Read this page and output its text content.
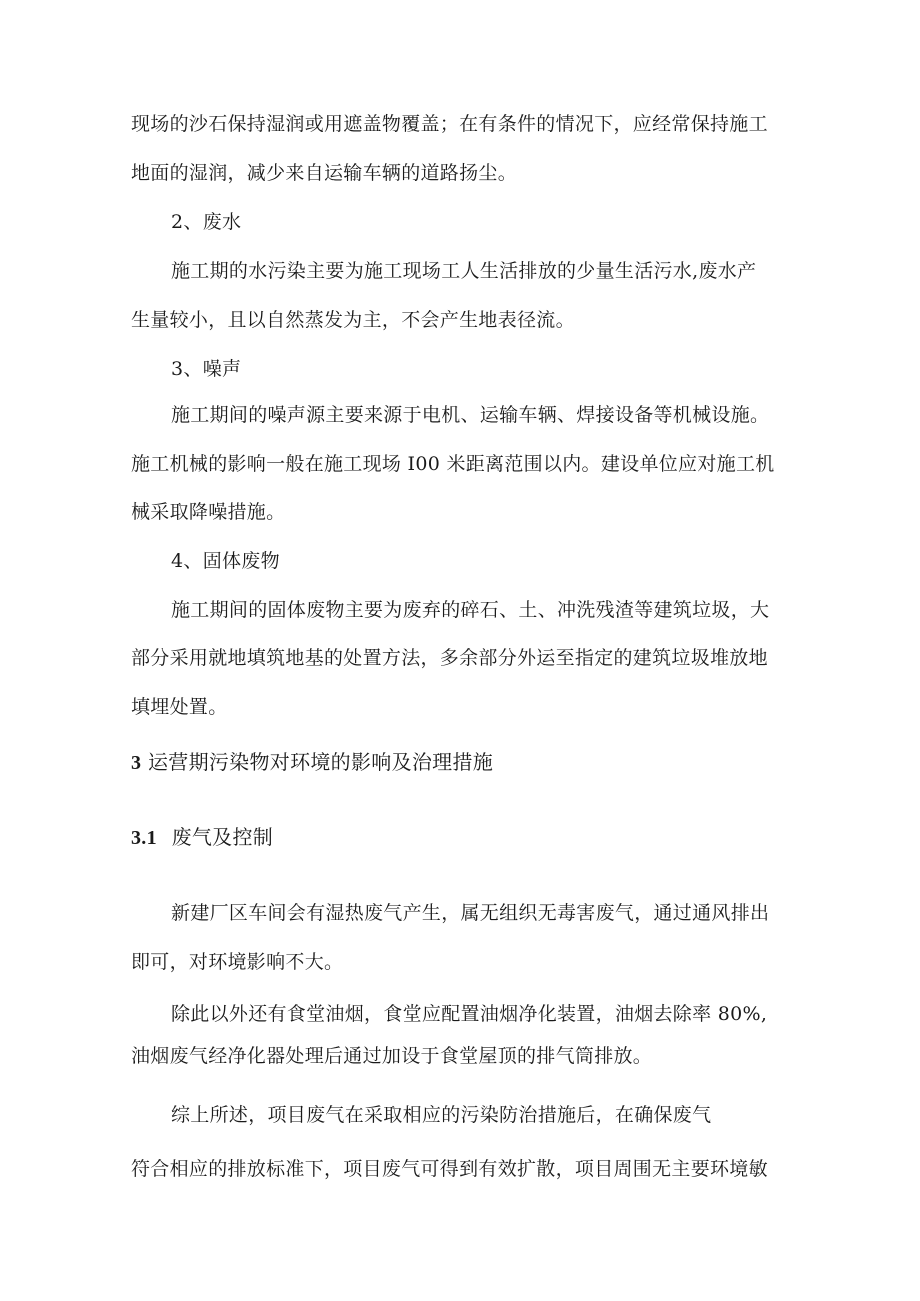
现场的沙石保持湿润或用遮盖物覆盖；在有条件的情况下，应经常保持施工
地面的湿润，减少来自运输车辆的道路扬尘。
2、废水
施工期的水污染主要为施工现场工人生活排放的少量生活污水,废水产
生量较小，且以自然蒸发为主，不会产生地表径流。
3、噪声
施工期间的噪声源主要来源于电机、运输车辆、焊接设备等机械设施。
施工机械的影响一般在施工现场 I00 米距离范围以内。建设单位应对施工机
械采取降噪措施。
4、固体废物
施工期间的固体废物主要为废弃的碎石、土、冲洗残渣等建筑垃圾，大
部分采用就地填筑地基的处置方法，多余部分外运至指定的建筑垃圾堆放地
填埋处置。
3 运营期污染物对环境的影响及治理措施
3.1 废气及控制
新建厂区车间会有湿热废气产生，属无组织无毒害废气，通过通风排出
即可，对环境影响不大。
除此以外还有食堂油烟，食堂应配置油烟净化装置，油烟去除率 80%,
油烟废气经净化器处理后通过加设于食堂屋顶的排气筒排放。
综上所述，项目废气在采取相应的污染防治措施后，在确保废气
符合相应的排放标准下，项目废气可得到有效扩散，项目周围无主要环境敏
